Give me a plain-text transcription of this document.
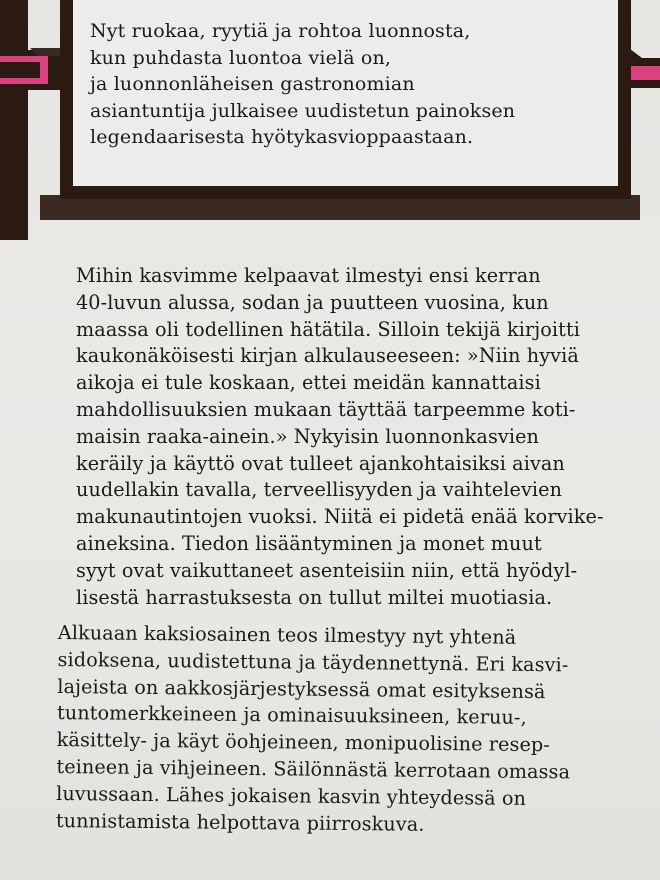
Nyt ruokaa, ryytiä ja rohtoa luonnosta,
kun puhdasta luontoa vielä on,
ja luonnonläheisen gastronomian
asiantuntija julkaisee uudistetun painoksen
legendaarisesta hyötykasvioppaastaan.

Mihin kasvimme kelpaavat ilmestyi ensi kerran
40-luvun alussa, sodan ja puutteen vuosina, kun
maassa oli todellinen hätätila. Silloin tekijä kirjoitti
kaukonäköisesti kirjan alkulauseeseen: »Niin hyviä
aikoja ei tule koskaan, ettei meidän kannattaisi
mahdollisuuksien mukaan täyttää tarpeemme koti-
maisin raaka-ainein.» Nykyisin luonnonkasvien
keräily ja käyttö ovat tulleet ajankohtaisiksi aivan
uudellakin tavalla, terveellisyyden ja vaihtelevien
makunautintojen vuoksi. Niitä ei pidetä enää korvike-
aineksina. Tiedon lisääntyminen ja monet muut
syyt ovat vaikuttaneet asenteisiin niin, että hyödyl-
lisestä harrastuksesta on tullut miltei muotiasia.

Alkuaan kaksiosainen teos ilmestyy nyt yhtenä
sidoksena, uudistettuna ja täydennettynä. Eri kasvi-
lajeista on aakkosjärjestyksessä omat esityksensä
tuntomerkkeineen ja ominaisuuksineen, keruu-,
käsittely- ja käyt öohjeineen, monipuolisine resep-
teineen ja vihjeineen. Säilönnästä kerrotaan omassa
luvussaan. Lähes jokaisen kasvin yhteydessä on
tunnistamista helpottava piirroskuva.
